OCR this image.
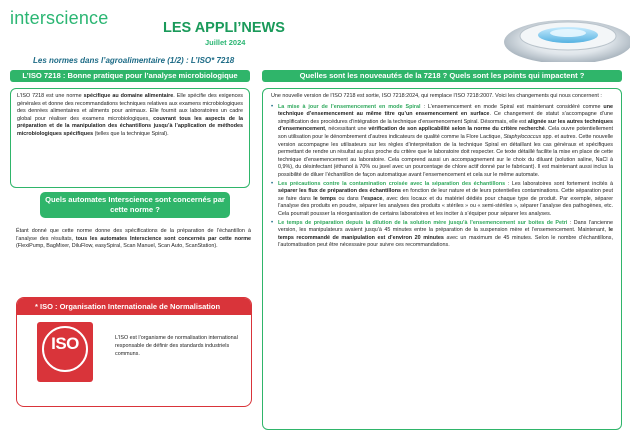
interscience	LES APPLI’NEWS
Juillet 2024
Les normes dans l’agroalimentaire (1/2) : L’ISO* 7218
L’ISO 7218 : Bonne pratique pour l’analyse microbiologique

L’ISO 7218 est une norme spécifique au domaine alimentaire. Elle spécifie des exigences générales et donne des recommandations techniques relatives aux examens microbiologiques des denrées alimentaires et aliments pour animaux. Elle fournit aux laboratoires un cadre global pour réaliser des examens microbiologiques, couvrant tous les aspects de la préparation et de la manipulation des échantillons jusqu’à l’application de méthodes microbiologiques spécifiques (telles que la technique Spiral).

Quels automates Interscience sont concernés par cette norme ?

Étant donné que cette norme donne des spécifications de la préparation de l’échantillon à l’analyse des résultats, tous les automates Interscience sont concernés par cette norme (FlexiPump, BagMixer, DiluFlow, easySpiral, Scan Manuel, Scan Auto, ScanStation).

* ISO : Organisation Internationale de Normalisation
ISO	L’ISO est l’organisme de normalisation international responsable de définir des standards industriels communs.

Quelles sont les nouveautés de la 7218 ? Quels sont les points qui impactent ?

Une nouvelle version de l’ISO 7218 est sortie, ISO 7218:2024, qui remplace l’ISO 7218:2007. Voici les changements qui nous concernent :

• La mise à jour de l’ensemencement en mode Spiral : L’ensemencement en mode Spiral est maintenant considéré comme une technique d’ensemencement au même titre qu’un ensemencement en surface. Ce changement de statut s’accompagne d’une simplification des procédures d’intégration de la technique d’ensemencement Spiral. Désormais, elle est alignée sur les autres techniques d’ensemencement, nécessitant une vérification de son applicabilité selon la norme du critère recherché. Cela ouvre potentiellement son utilisation pour le dénombrement d’autres indicateurs de qualité comme la Flore Lactique, Staphylococcus spp. et autres. Cette nouvelle version accompagne les utilisateurs sur les règles d’interprétation de la technique Spiral en détaillant les cas généraux et spécifiques permettant de rendre un résultat au plus proche du critère que le laboratoire doit respecter. Ce texte détaillé facilite la mise en place de cette technique d’ensemencement au laboratoire. Cela comprend aussi un accompagnement sur le choix du diluant (solution saline, NaCl à 0,9%), du désinfectant (éthanol à 70% ou javel avec un pourcentage de chlore actif donné par le fabricant). Il est maintenant aussi inclus la possibilité de diluer l’échantillon de façon automatique avant l’ensemencement et cela sur le même automate.
• Les précautions contre la contamination croisée avec la séparation des échantillons : Les laboratoires sont fortement incités à séparer les flux de préparation des échantillons en fonction de leur nature et de leurs potentielles contaminations. Cette séparation peut se faire dans le temps ou dans l’espace, avec des locaux et du matériel dédiés pour chaque type de produit. Par exemple, séparer l’analyse des produits en poudre, séparer les analyses des produits « stériles » ou « semi-stériles », séparer l’analyse des pathogènes, etc. Cela pourrait pousser la réorganisation de certains laboratoires et les inciter à s’équiper pour séparer les analyses.
• Le temps de préparation depuis la dilution de la solution mère jusqu’à l’ensemencement sur boites de Petri : Dans l’ancienne version, les manipulateurs avaient jusqu’à 45 minutes entre la préparation de la suspension mère et l’ensemencement. Maintenant, le temps recommandé de manipulation est d’environ 20 minutes avec un maximum de 45 minutes. Selon le nombre d’échantillons, l’automatisation peut être nécessaire pour suivre ces recommandations.
